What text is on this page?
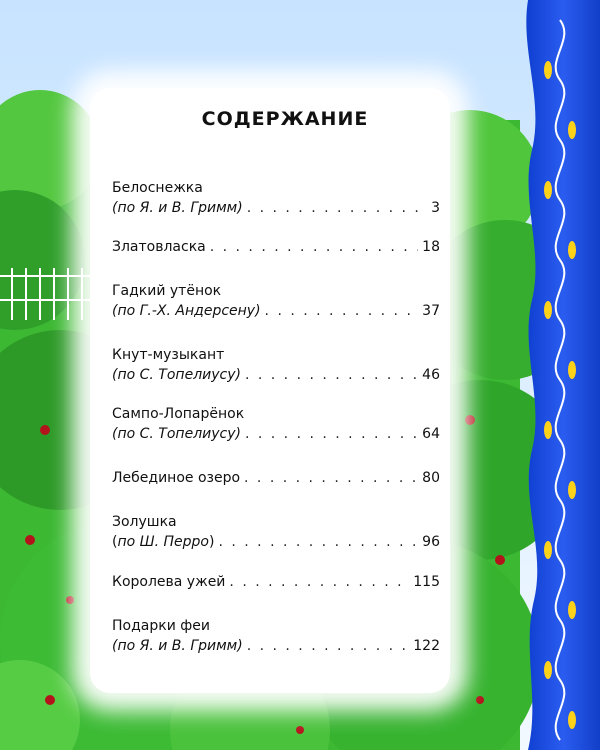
СОДЕРЖАНИЕ
Белоснежка
(по Я. и В. Гримм) . . .	3
Златовласка . . .	18
Гадкий утёнок
(по Г.-Х. Андерсену) . . .	37
Кнут-музыкант
(по С. Топелиусу) . . .	46
Сампо-Лопарёнок
(по С. Топелиусу) . . .	64
Лебединое озеро . . .	80
Золушка
( по Ш. Перро ) . . .	96
Королева ужей . . .	115
Подарки феи
(по Я. и В. Гримм) . . .	122
